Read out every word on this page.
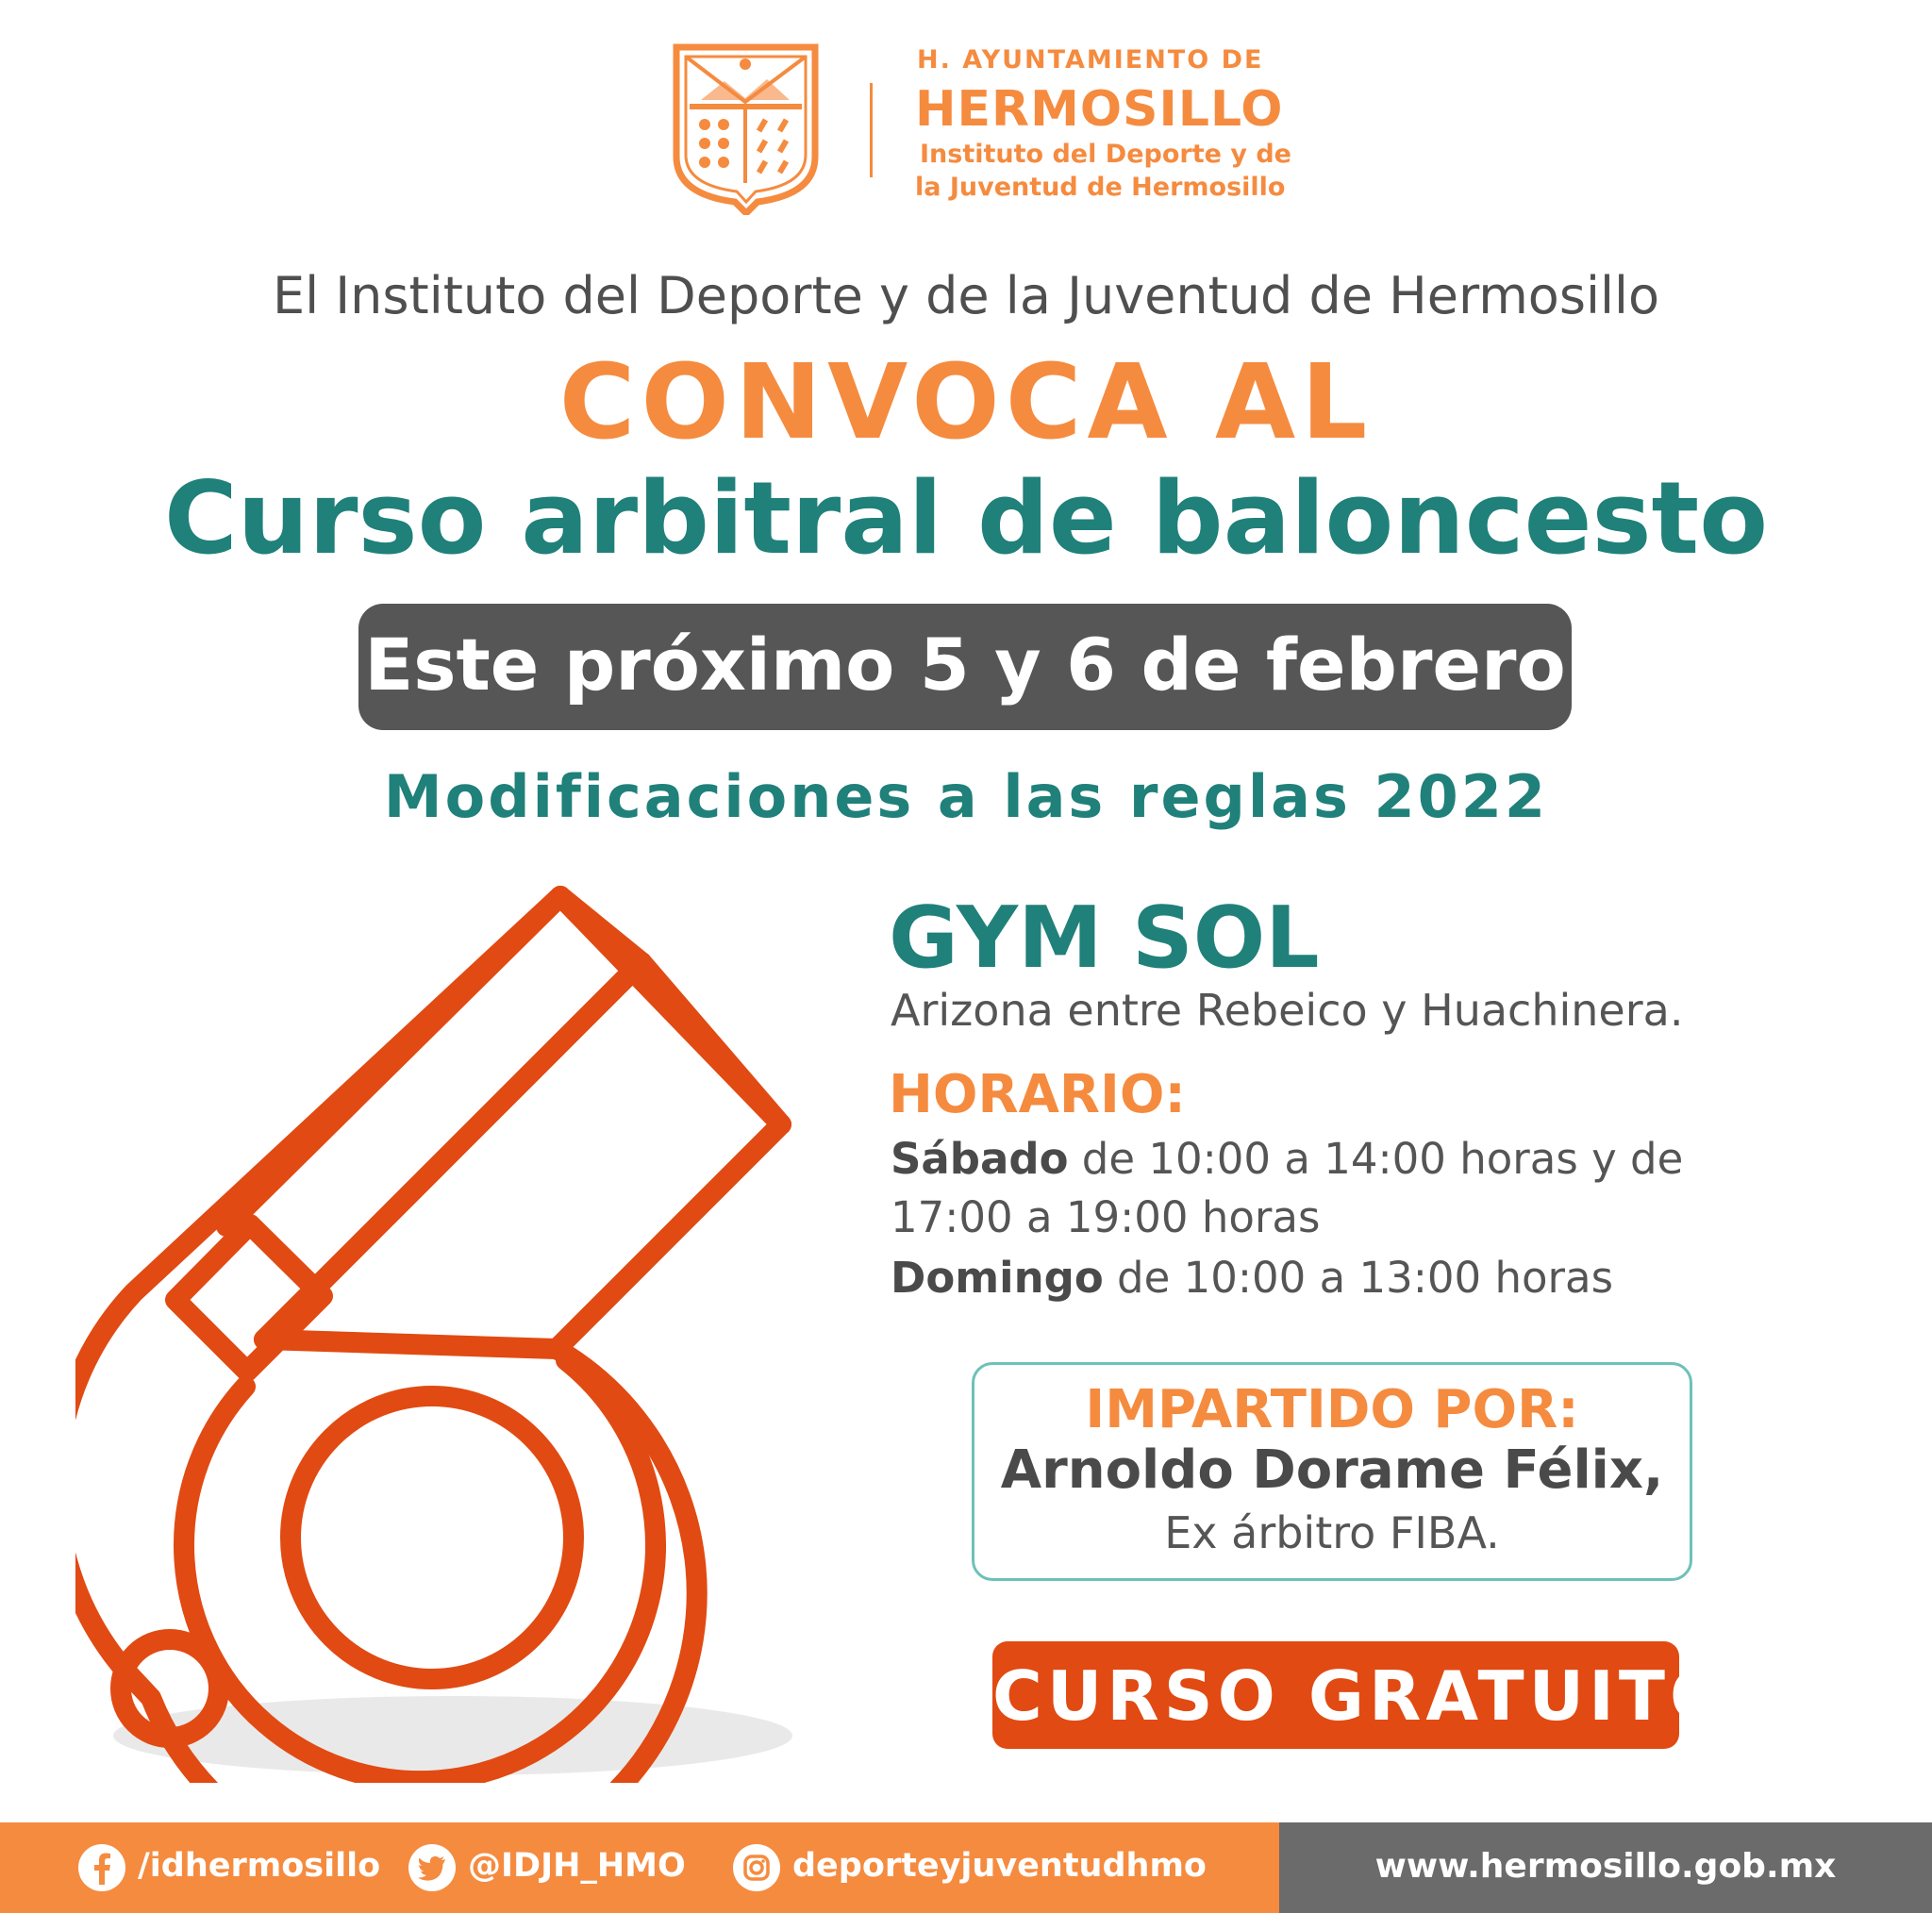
H. AYUNTAMIENTO DE
HERMOSILLO
Instituto del Deporte y de
la Juventud de Hermosillo
El Instituto del Deporte y de la Juventud de Hermosillo
CONVOCA AL
Curso arbitral de baloncesto
Este próximo 5 y 6 de febrero
Modificaciones a las reglas 2022
GYM SOL
Arizona entre Rebeico y Huachinera.
HORARIO:
Sábado de 10:00 a 14:00 horas y de
17:00 a 19:00 horas
Domingo de 10:00 a 13:00 horas
IMPARTIDO POR:
Arnoldo Dorame Félix,
Ex árbitro FIBA.
CURSO GRATUITO
/idhermosillo	@IDJH_HMO	deporteyjuventudhmo	www.hermosillo.gob.mx
